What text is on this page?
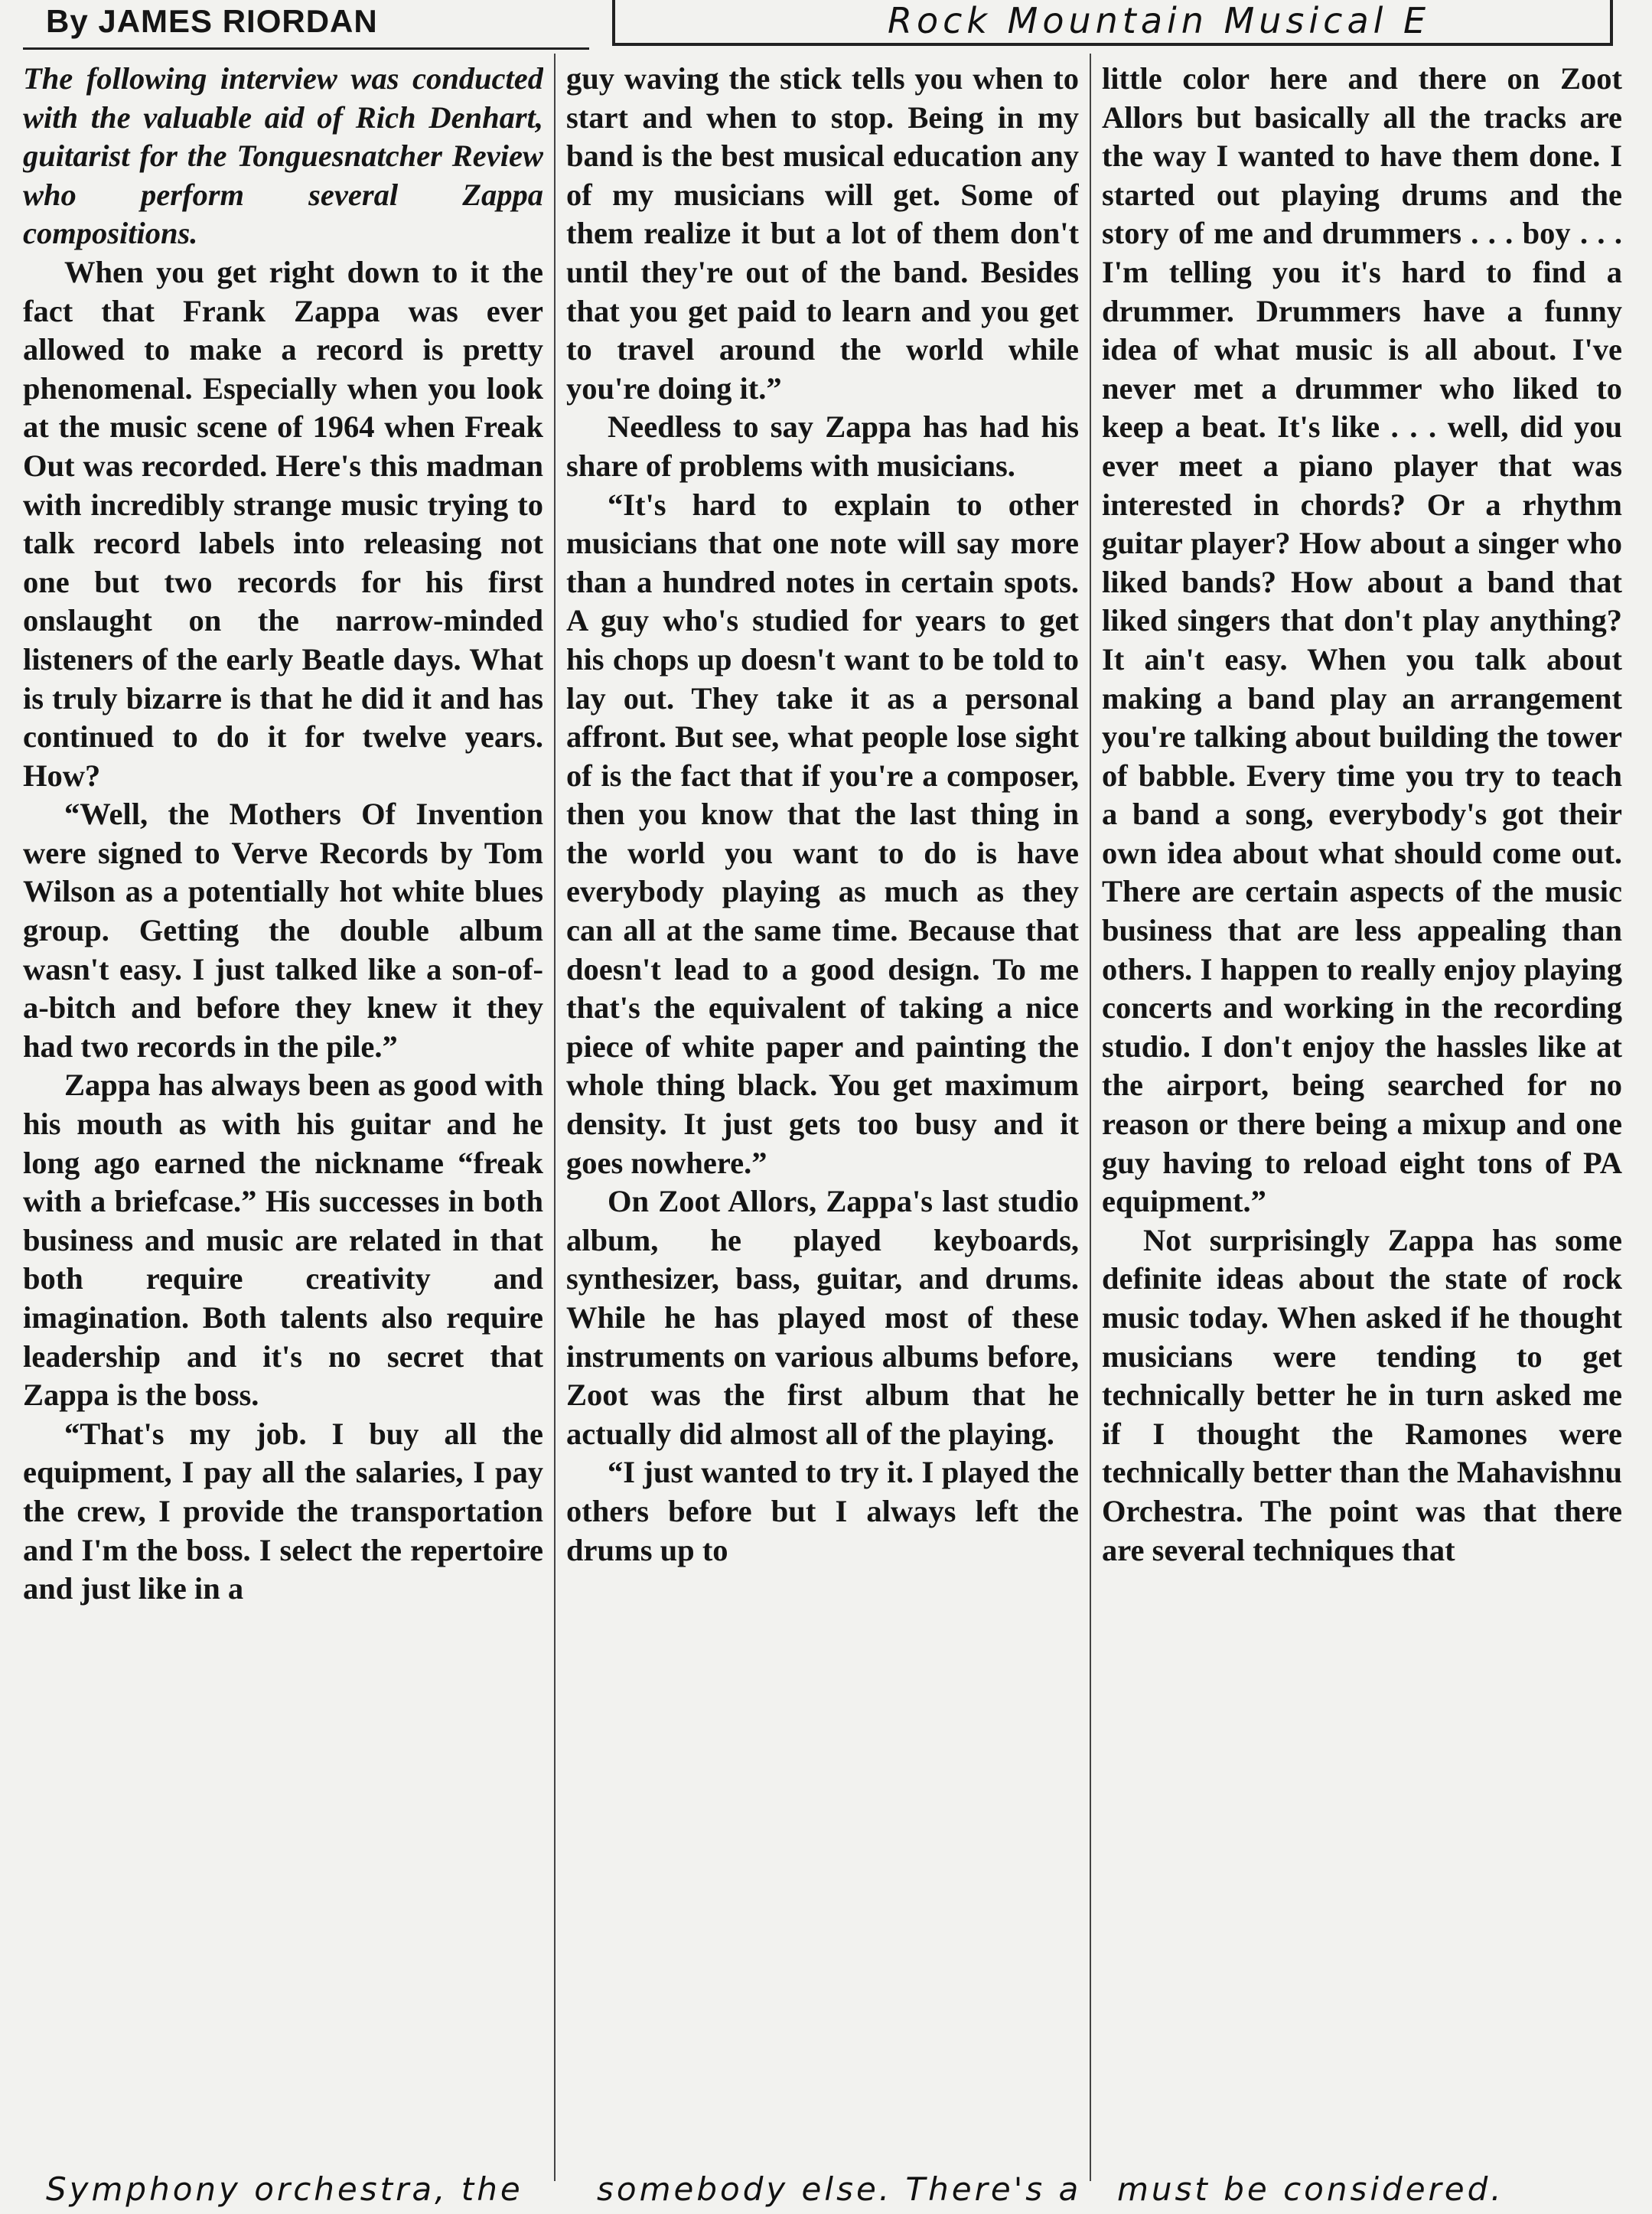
By JAMES RIORDAN	Rock Mountain Musical E

The following interview was conducted with the valuable aid of Rich Denhart, guitarist for the Tonguesnatcher Review who perform several Zappa compositions.

When you get right down to it the fact that Frank Zappa was ever allowed to make a record is pretty phenomenal. Especially when you look at the music scene of 1964 when Freak Out was recorded. Here's this madman with incredibly strange music trying to talk record labels into releasing not one but two records for his first onslaught on the narrow-minded listeners of the early Beatle days. What is truly bizarre is that he did it and has continued to do it for twelve years. How?

“Well, the Mothers Of Invention were signed to Verve Records by Tom Wilson as a potentially hot white blues group. Getting the double album wasn't easy. I just talked like a son-of-a-bitch and before they knew it they had two records in the pile.”

Zappa has always been as good with his mouth as with his guitar and he long ago earned the nickname “freak with a briefcase.” His successes in both business and music are related in that both require creativity and imagination. Both talents also require leadership and it's no secret that Zappa is the boss.

“That's my job. I buy all the equipment, I pay all the salaries, I pay the crew, I provide the transportation and I'm the boss. I select the repertoire and just like in a

guy waving the stick tells you when to start and when to stop. Being in my band is the best musical education any of my musicians will get. Some of them realize it but a lot of them don't until they're out of the band. Besides that you get paid to learn and you get to travel around the world while you're doing it.”

Needless to say Zappa has had his share of problems with musicians.

“It's hard to explain to other musicians that one note will say more than a hundred notes in certain spots. A guy who's studied for years to get his chops up doesn't want to be told to lay out. They take it as a personal affront. But see, what people lose sight of is the fact that if you're a composer, then you know that the last thing in the world you want to do is have everybody playing as much as they can all at the same time. Because that doesn't lead to a good design. To me that's the equivalent of taking a nice piece of white paper and painting the whole thing black. You get maximum density. It just gets too busy and it goes nowhere.”

On Zoot Allors, Zappa's last studio album, he played keyboards, synthesizer, bass, guitar, and drums. While he has played most of these instruments on various albums before, Zoot was the first album that he actually did almost all of the playing.

“I just wanted to try it. I played the others before but I always left the drums up to

little color here and there on Zoot Allors but basically all the tracks are the way I wanted to have them done. I started out playing drums and the story of me and drummers . . . boy . . . I'm telling you it's hard to find a drummer. Drummers have a funny idea of what music is all about. I've never met a drummer who liked to keep a beat. It's like . . . well, did you ever meet a piano player that was interested in chords? Or a rhythm guitar player? How about a singer who liked bands? How about a band that liked singers that don't play anything? It ain't easy. When you talk about making a band play an arrangement you're talking about building the tower of babble. Every time you try to teach a band a song, everybody's got their own idea about what should come out. There are certain aspects of the music business that are less appealing than others. I happen to really enjoy playing concerts and working in the recording studio. I don't enjoy the hassles like at the airport, being searched for no reason or there being a mixup and one guy having to reload eight tons of PA equipment.”

Not surprisingly Zappa has some definite ideas about the state of rock music today. When asked if he thought musicians were tending to get technically better he in turn asked me if I thought the Ramones were technically better than the Mahavishnu Orchestra. The point was that there are several techniques that

Symphony orchestra, the somebody else. There's a must be considered.
